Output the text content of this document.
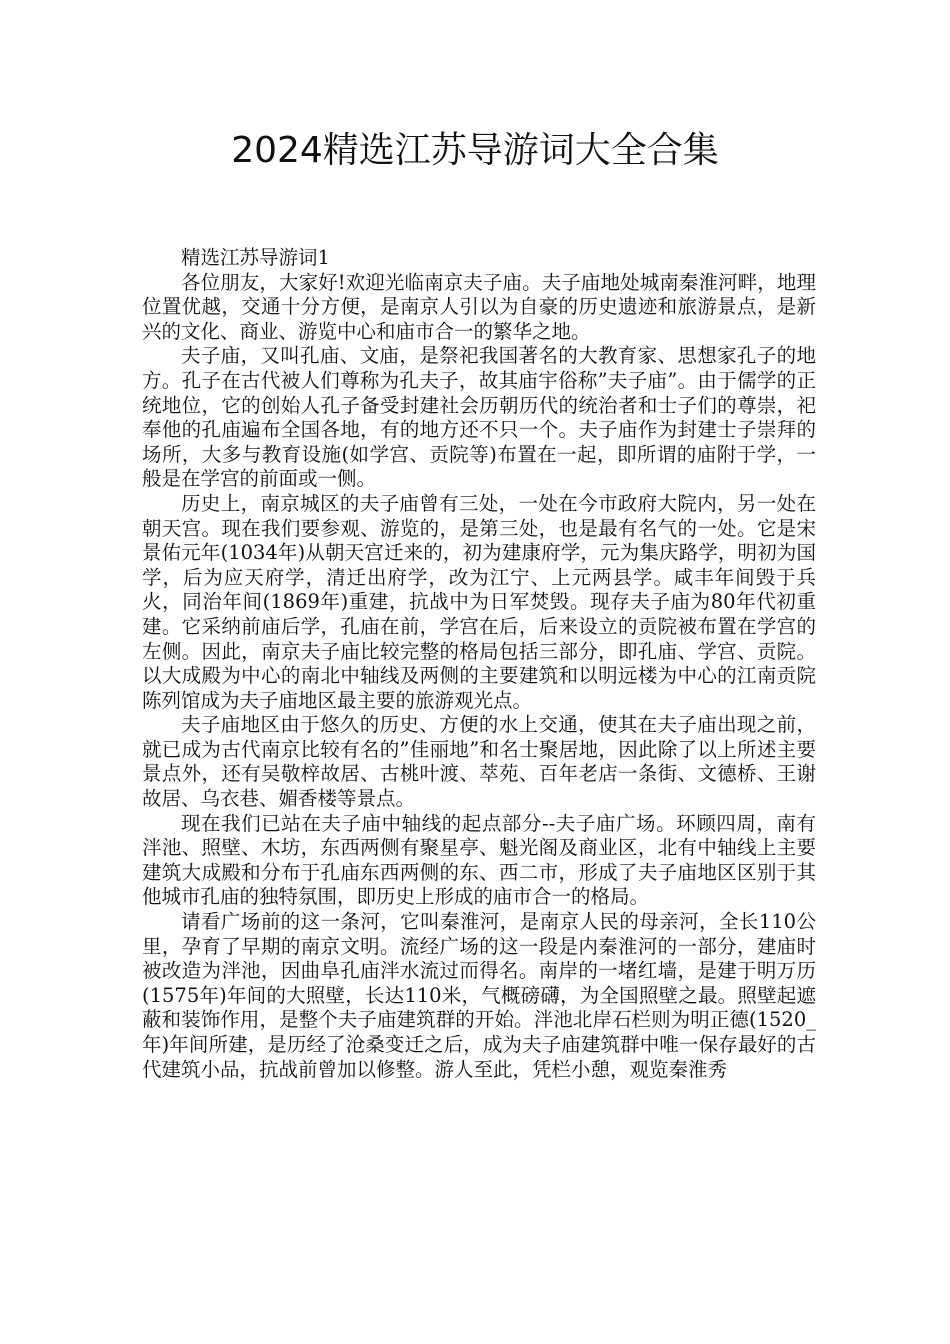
2024精选江苏导游词大全合集

精选江苏导游词1

各位朋友，大家好!欢迎光临南京夫子庙。夫子庙地处城南秦淮河畔，地理位置优越，交通十分方便，是南京人引以为自豪的历史遗迹和旅游景点，是新兴的文化、商业、游览中心和庙市合一的繁华之地。

夫子庙，又叫孔庙、文庙，是祭祀我国著名的大教育家、思想家孔子的地方。孔子在古代被人们尊称为孔夫子，故其庙宇俗称”夫子庙”。由于儒学的正统地位，它的创始人孔子备受封建社会历朝历代的统治者和士子们的尊崇，祀奉他的孔庙遍布全国各地，有的地方还不只一个。夫子庙作为封建士子崇拜的场所，大多与教育设施(如学宫、贡院等)布置在一起，即所谓的庙附于学，一般是在学宫的前面或一侧。

历史上，南京城区的夫子庙曾有三处，一处在今市政府大院内，另一处在朝天宫。现在我们要参观、游览的，是第三处，也是最有名气的一处。它是宋景佑元年(1034年)从朝天宫迁来的，初为建康府学，元为集庆路学，明初为国学，后为应天府学，清迁出府学，改为江宁、上元两县学。咸丰年间毁于兵火，同治年间(1869年)重建，抗战中为日军焚毁。现存夫子庙为80年代初重建。它采纳前庙后学，孔庙在前，学宫在后，后来设立的贡院被布置在学宫的左侧。因此，南京夫子庙比较完整的格局包括三部分，即孔庙、学宫、贡院。以大成殿为中心的南北中轴线及两侧的主要建筑和以明远楼为中心的江南贡院陈列馆成为夫子庙地区最主要的旅游观光点。

夫子庙地区由于悠久的历史、方便的水上交通，使其在夫子庙出现之前，就已成为古代南京比较有名的”佳丽地”和名士聚居地，因此除了以上所述主要景点外，还有吴敬梓故居、古桃叶渡、萃苑、百年老店一条街、文德桥、王谢故居、乌衣巷、媚香楼等景点。

现在我们已站在夫子庙中轴线的起点部分--夫子庙广场。环顾四周，南有泮池、照壁、木坊，东西两侧有聚星亭、魁光阁及商业区，北有中轴线上主要建筑大成殿和分布于孔庙东西两侧的东、西二市，形成了夫子庙地区区别于其他城市孔庙的独特氛围，即历史上形成的庙市合一的格局。

请看广场前的这一条河，它叫秦淮河，是南京人民的母亲河，全长110公里，孕育了早期的南京文明。流经广场的这一段是内秦淮河的一部分，建庙时被改造为泮池，因曲阜孔庙泮水流过而得名。南岸的一堵红墙，是建于明万历(1575年)年间的大照壁，长达110米，气概磅礴，为全国照壁之最。照壁起遮蔽和装饰作用，是整个夫子庙建筑群的开始。泮池北岸石栏则为明正德(1520_年)年间所建，是历经了沧桑变迁之后，成为夫子庙建筑群中唯一保存最好的古代建筑小品，抗战前曾加以修整。游人至此，凭栏小憩，观览秦淮秀
